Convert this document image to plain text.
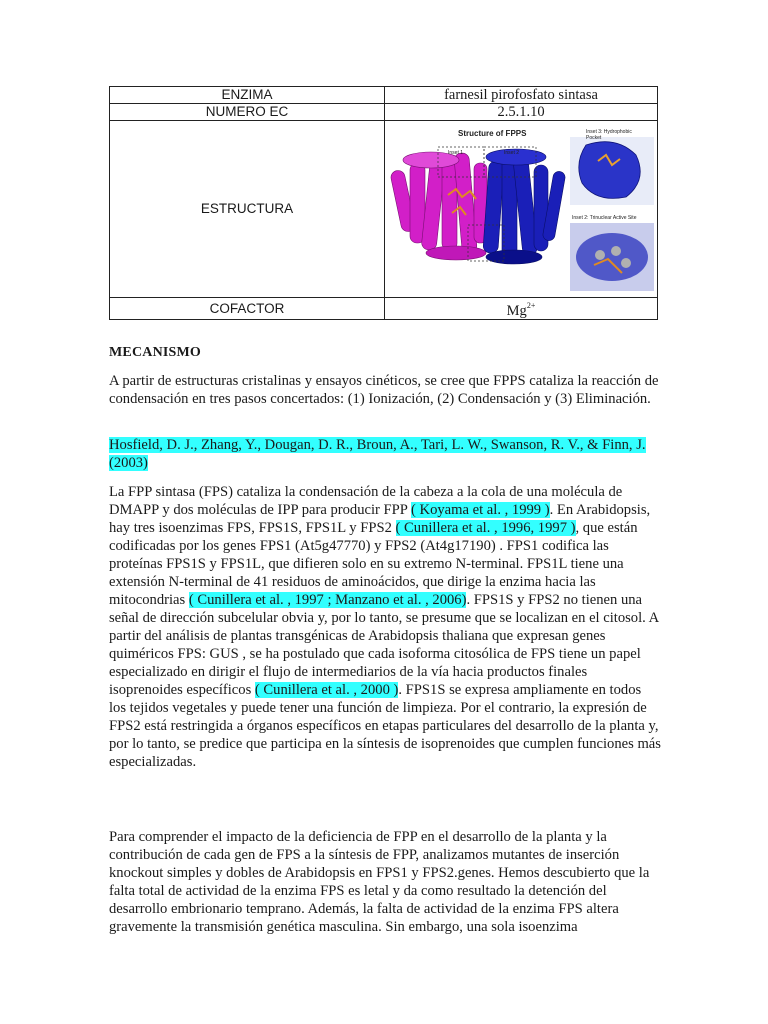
ENZIMA	farnesil pirofosfato sintasa
NUMERO EC	2.5.1.10
ESTRUCTURA	Structure of FPPS
Inset 1 Inset 2
Inset 3: Hydrophobic Pocket
Inset 2: Trinuclear Active Site

COFACTOR	$Mg^{2+}$
MECANISMO
A partir de estructuras cristalinas y ensayos cinéticos, se cree que FPPS cataliza la reacción de condensación en tres pasos concertados: (1) Ionización, (2) Condensación y (3) Eliminación.
Hosfield, D. J., Zhang, Y., Dougan, D. R., Broun, A., Tari, L. W., Swanson, R. V., & Finn, J. (2003)
La FPP sintasa (FPS) cataliza la condensación de la cabeza a la cola de una molécula de DMAPP y dos moléculas de IPP para producir FPP ( Koyama et al. , 1999 ). En Arabidopsis, hay tres isoenzimas FPS, FPS1S, FPS1L y FPS2 ( Cunillera et al. , 1996, 1997 ), que están codificadas por los genes FPS1 (At5g47770) y FPS2 (At4g17190) . FPS1 codifica las proteínas FPS1S y FPS1L, que difieren solo en su extremo N-terminal. FPS1L tiene una extensión N-terminal de 41 residuos de aminoácidos, que dirige la enzima hacia las mitocondrias ( Cunillera et al. , 1997 ; Manzano et al. , 2006). FPS1S y FPS2 no tienen una señal de dirección subcelular obvia y, por lo tanto, se presume que se localizan en el citosol. A partir del análisis de plantas transgénicas de Arabidopsis thaliana que expresan genes quiméricos FPS: GUS , se ha postulado que cada isoforma citosólica de FPS tiene un papel especializado en dirigir el flujo de intermediarios de la vía hacia productos finales isoprenoides específicos ( Cunillera et al. , 2000 ). FPS1S se expresa ampliamente en todos los tejidos vegetales y puede tener una función de limpieza. Por el contrario, la expresión de FPS2 está restringida a órganos específicos en etapas particulares del desarrollo de la planta y, por lo tanto, se predice que participa en la síntesis de isoprenoides que cumplen funciones más especializadas.
Para comprender el impacto de la deficiencia de FPP en el desarrollo de la planta y la contribución de cada gen de FPS a la síntesis de FPP, analizamos mutantes de inserción knockout simples y dobles de Arabidopsis en FPS1 y FPS2.genes. Hemos descubierto que la falta total de actividad de la enzima FPS es letal y da como resultado la detención del desarrollo embrionario temprano. Además, la falta de actividad de la enzima FPS altera gravemente la transmisión genética masculina. Sin embargo, una sola isoenzima
